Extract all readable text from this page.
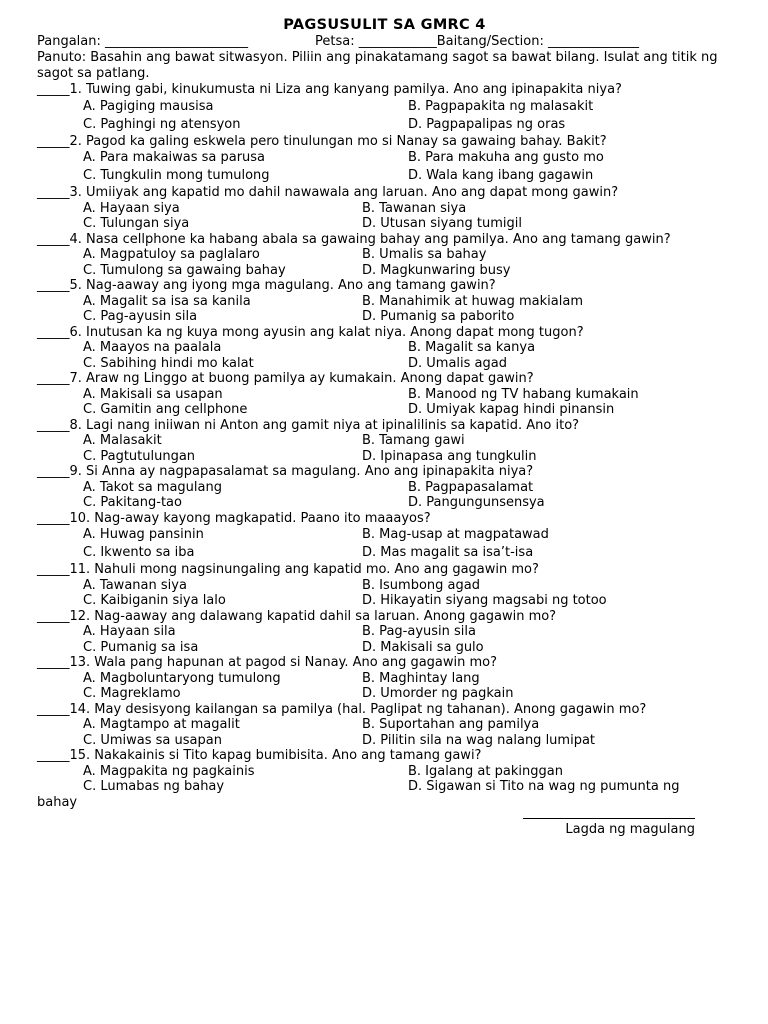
PAGSUSULIT SA GMRC 4
Pangalan: ______________________	Petsa: ____________Baitang/Section: ______________
Panuto: Basahin ang bawat sitwasyon. Piliin ang pinakatamang sagot sa bawat bilang. Isulat ang titik ng sagot sa patlang.
_____1. Tuwing gabi, kinukumusta ni Liza ang kanyang pamilya. Ano ang ipinapakita niya?
A. Pagiging mausisa	B. Pagpapakita ng malasakit
C. Paghingi ng atensyon	D. Pagpapalipas ng oras
_____2. Pagod ka galing eskwela pero tinulungan mo si Nanay sa gawaing bahay. Bakit?
A. Para makaiwas sa parusa	B. Para makuha ang gusto mo
C. Tungkulin mong tumulong	D. Wala kang ibang gagawin
_____3. Umiiyak ang kapatid mo dahil nawawala ang laruan. Ano ang dapat mong gawin?
A. Hayaan siya	B. Tawanan siya
C. Tulungan siya	D. Utusan siyang tumigil
_____4. Nasa cellphone ka habang abala sa gawaing bahay ang pamilya. Ano ang tamang gawin?
A. Magpatuloy sa paglalaro	B. Umalis sa bahay
C. Tumulong sa gawaing bahay	D. Magkunwaring busy
_____5. Nag-aaway ang iyong mga magulang. Ano ang tamang gawin?
A. Magalit sa isa sa kanila	B. Manahimik at huwag makialam
C. Pag-ayusin sila	D. Pumanig sa paborito
_____6. Inutusan ka ng kuya mong ayusin ang kalat niya. Anong dapat mong tugon?
A. Maayos na paalala	B. Magalit sa kanya
C. Sabihing hindi mo kalat	D. Umalis agad
_____7. Araw ng Linggo at buong pamilya ay kumakain. Anong dapat gawin?
A. Makisali sa usapan	B. Manood ng TV habang kumakain
C. Gamitin ang cellphone	D. Umiyak kapag hindi pinansin
_____8. Lagi nang iniiwan ni Anton ang gamit niya at ipinalilinis sa kapatid. Ano ito?
A. Malasakit	B. Tamang gawi
C. Pagtutulungan	D. Ipinapasa ang tungkulin
_____9. Si Anna ay nagpapasalamat sa magulang. Ano ang ipinapakita niya?
A. Takot sa magulang	B. Pagpapasalamat
C. Pakitang-tao	D. Pangungunsensya
_____10. Nag-away kayong magkapatid. Paano ito maaayos?
A. Huwag pansinin	B. Mag-usap at magpatawad
C. Ikwento sa iba	D. Mas magalit sa isa’t-isa
_____11. Nahuli mong nagsinungaling ang kapatid mo. Ano ang gagawin mo?
A. Tawanan siya	B. Isumbong agad
C. Kaibiganin siya lalo	D. Hikayatin siyang magsabi ng totoo
_____12. Nag-aaway ang dalawang kapatid dahil sa laruan. Anong gagawin mo?
A. Hayaan sila	B. Pag-ayusin sila
C. Pumanig sa isa	D. Makisali sa gulo
_____13. Wala pang hapunan at pagod si Nanay. Ano ang gagawin mo?
A. Magboluntaryong tumulong	B. Maghintay lang
C. Magreklamo	D. Umorder ng pagkain
_____14. May desisyong kailangan sa pamilya (hal. Paglipat ng tahanan). Anong gagawin mo?
A. Magtampo at magalit	B. Suportahan ang pamilya
C. Umiwas sa usapan	D. Pilitin sila na wag nalang lumipat
_____15. Nakakainis si Tito kapag bumibisita. Ano ang tamang gawi?
A. Magpakita ng pagkainis	B. Igalang at pakinggan
C. Lumabas ng bahay	D. Sigawan si Tito na wag ng pumunta ng
bahay
Lagda ng magulang
